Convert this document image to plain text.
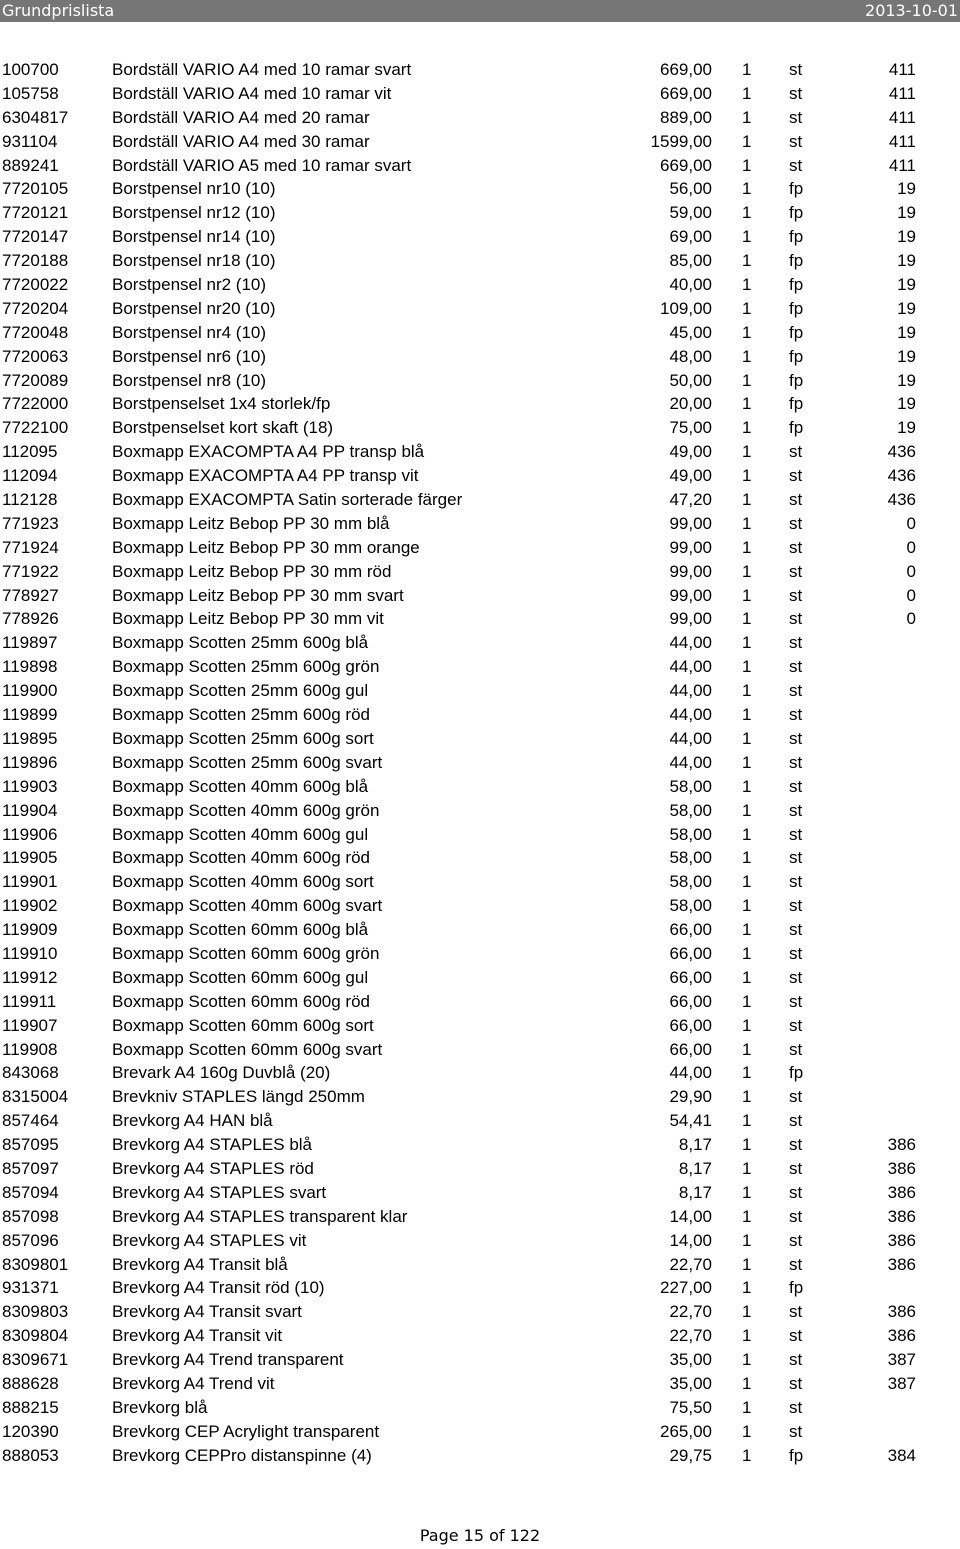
Grundprislista	2013-10-01
100700	Bordställ VARIO A4 med 10 ramar svart	669,00 1 st	411
105758	Bordställ VARIO A4 med 10 ramar vit	669,00 1 st	411
6304817	Bordställ VARIO A4 med 20 ramar	889,00 1 st	411
931104	Bordställ VARIO A4 med 30 ramar	1599,00 1 st	411
889241	Bordställ VARIO A5 med 10 ramar svart	669,00 1 st	411
7720105	Borstpensel nr10 (10)	56,00 1 fp	19
7720121	Borstpensel nr12 (10)	59,00 1 fp	19
7720147	Borstpensel nr14 (10)	69,00 1 fp	19
7720188	Borstpensel nr18 (10)	85,00 1 fp	19
7720022	Borstpensel nr2 (10)	40,00 1 fp	19
7720204	Borstpensel nr20 (10)	109,00 1 fp	19
7720048	Borstpensel nr4 (10)	45,00 1 fp	19
7720063	Borstpensel nr6 (10)	48,00 1 fp	19
7720089	Borstpensel nr8 (10)	50,00 1 fp	19
7722000	Borstpenselset 1x4 storlek/fp	20,00 1 fp	19
7722100	Borstpenselset kort skaft (18)	75,00 1 fp	19
112095	Boxmapp EXACOMPTA A4 PP transp blå	49,00 1 st	436
112094	Boxmapp EXACOMPTA A4 PP transp vit	49,00 1 st	436
112128	Boxmapp EXACOMPTA Satin sorterade färger	47,20 1 st	436
771923	Boxmapp Leitz Bebop PP 30 mm blå	99,00 1 st	0
771924	Boxmapp Leitz Bebop PP 30 mm orange	99,00 1 st	0
771922	Boxmapp Leitz Bebop PP 30 mm röd	99,00 1 st	0
778927	Boxmapp Leitz Bebop PP 30 mm svart	99,00 1 st	0
778926	Boxmapp Leitz Bebop PP 30 mm vit	99,00 1 st	0
119897	Boxmapp Scotten 25mm 600g blå	44,00 1 st
119898	Boxmapp Scotten 25mm 600g grön	44,00 1 st
119900	Boxmapp Scotten 25mm 600g gul	44,00 1 st
119899	Boxmapp Scotten 25mm 600g röd	44,00 1 st
119895	Boxmapp Scotten 25mm 600g sort	44,00 1 st
119896	Boxmapp Scotten 25mm 600g svart	44,00 1 st
119903	Boxmapp Scotten 40mm 600g blå	58,00 1 st
119904	Boxmapp Scotten 40mm 600g grön	58,00 1 st
119906	Boxmapp Scotten 40mm 600g gul	58,00 1 st
119905	Boxmapp Scotten 40mm 600g röd	58,00 1 st
119901	Boxmapp Scotten 40mm 600g sort	58,00 1 st
119902	Boxmapp Scotten 40mm 600g svart	58,00 1 st
119909	Boxmapp Scotten 60mm 600g blå	66,00 1 st
119910	Boxmapp Scotten 60mm 600g grön	66,00 1 st
119912	Boxmapp Scotten 60mm 600g gul	66,00 1 st
119911	Boxmapp Scotten 60mm 600g röd	66,00 1 st
119907	Boxmapp Scotten 60mm 600g sort	66,00 1 st
119908	Boxmapp Scotten 60mm 600g svart	66,00 1 st
843068	Brevark A4 160g Duvblå (20)	44,00 1 fp
8315004	Brevkniv STAPLES längd 250mm	29,90 1 st
857464	Brevkorg A4 HAN blå	54,41 1 st
857095	Brevkorg A4 STAPLES blå	8,17 1 st	386
857097	Brevkorg A4 STAPLES röd	8,17 1 st	386
857094	Brevkorg A4 STAPLES svart	8,17 1 st	386
857098	Brevkorg A4 STAPLES transparent klar	14,00 1 st	386
857096	Brevkorg A4 STAPLES vit	14,00 1 st	386
8309801	Brevkorg A4 Transit blå	22,70 1 st	386
931371	Brevkorg A4 Transit röd (10)	227,00 1 fp
8309803	Brevkorg A4 Transit svart	22,70 1 st	386
8309804	Brevkorg A4 Transit vit	22,70 1 st	386
8309671	Brevkorg A4 Trend transparent	35,00 1 st	387
888628	Brevkorg A4 Trend vit	35,00 1 st	387
888215	Brevkorg blå	75,50 1 st
120390	Brevkorg CEP Acrylight transparent	265,00 1 st
888053	Brevkorg CEPPro distanspinne (4)	29,75 1 fp	384
Page 15 of 122
